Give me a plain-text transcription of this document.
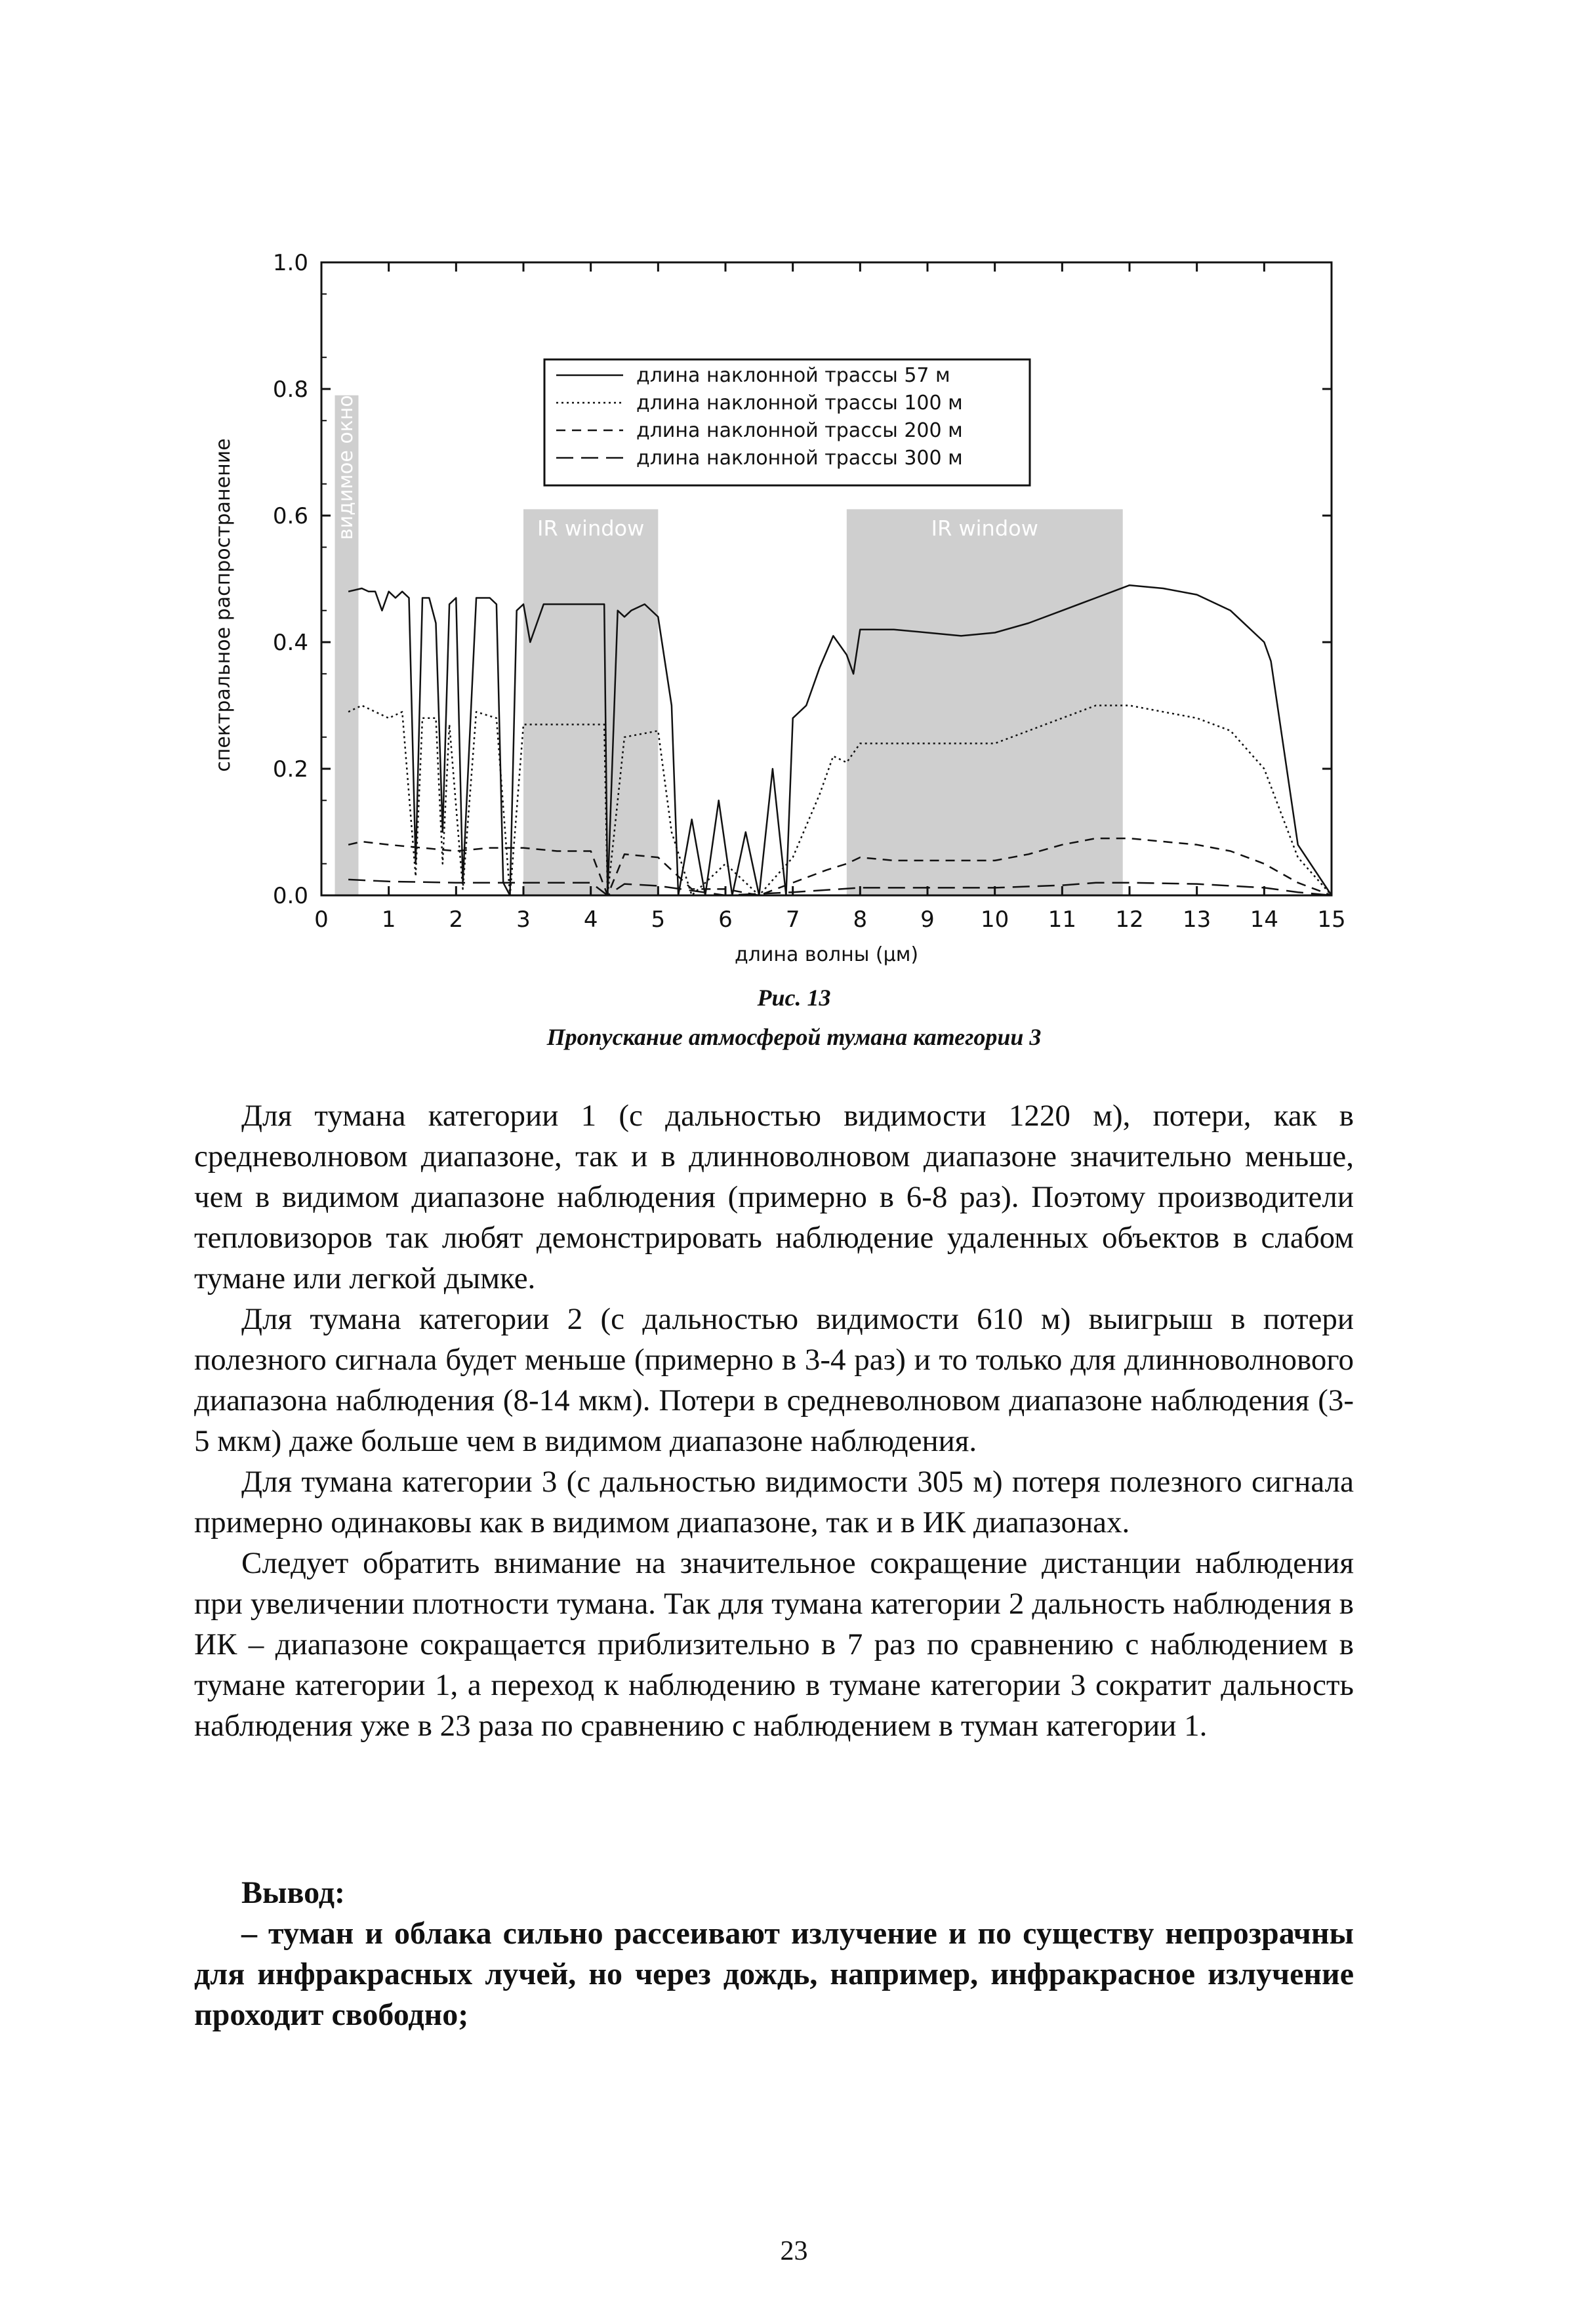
видимое окно	IR window	IR window
0.0
0.2
0.4
0.6
0.8
1.0
0 1 2 3 4 5 6 7 8 9 10 11 12 13 14 15
длина волны (µм)
спектральное распространение
длина наклонной трассы 57 м
длина наклонной трассы 100 м
длина наклонной трассы 200 м
длина наклонной трассы 300 м
Рис. 13
Пропускание атмосферой тумана категории 3

Для тумана категории 1 (с дальностью видимости 1220 м), потери, как в средневолновом диапазоне, так и в длинноволновом диапазоне значительно меньше, чем в видимом диапазоне наблюдения (примерно в 6-8 раз). Поэтому производители тепловизоров так любят демонстрировать наблюдение удаленных объектов в слабом тумане или легкой дымке.

Для тумана категории 2 (с дальностью видимости 610 м) выигрыш в потери полезного сигнала будет меньше (примерно в 3-4 раз) и то только для длинноволнового диапазона наблюдения (8-14 мкм). Потери в средневолновом диапазоне наблюдения (3-5 мкм) даже больше чем в видимом диапазоне наблюдения.

Для тумана категории 3 (с дальностью видимости 305 м) потеря полезного сигнала примерно одинаковы как в видимом диапазоне, так и в ИК диапазонах.

Следует обратить внимание на значительное сокращение дистанции наблюдения при увеличении плотности тумана. Так для тумана категории 2 дальность наблюдения в ИК – диапазоне сокращается приблизительно в 7 раз по сравнению с наблюдением в тумане категории 1, а переход к наблюдению в тумане категории 3 сократит дальность наблюдения уже в 23 раза по сравнению с наблюдением в туман категории 1.

Вывод:

– туман и облака сильно рассеивают излучение и по существу непрозрачны для инфракрасных лучей, но через дождь, например, инфракрасное излучение проходит свободно;

23
